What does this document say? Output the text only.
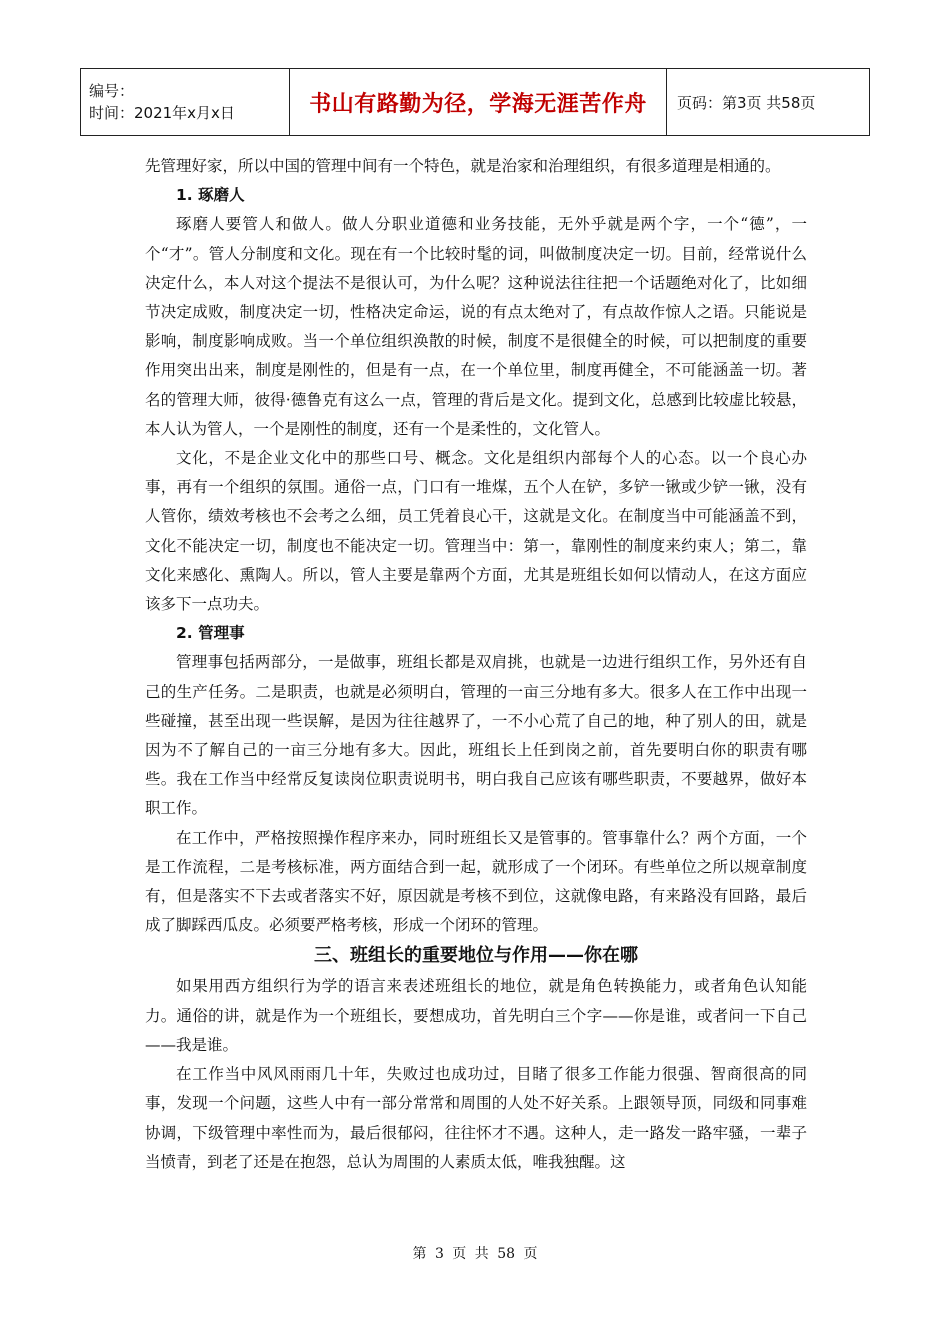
编号：
时间：2021年x月x日	书山有路勤为径，学海无涯苦作舟	页码：第3页 共58页

先管理好家，所以中国的管理中间有一个特色，就是治家和治理组织，有很多道理是相通的。

1. 琢磨人

琢磨人要管人和做人。做人分职业道德和业务技能，无外乎就是两个字，一个“德”，一个“才”。管人分制度和文化。现在有一个比较时髦的词，叫做制度决定一切。目前，经常说什么决定什么，本人对这个提法不是很认可，为什么呢？这种说法往往把一个话题绝对化了，比如细节决定成败，制度决定一切，性格决定命运，说的有点太绝对了，有点故作惊人之语。只能说是影响，制度影响成败。当一个单位组织涣散的时候，制度不是很健全的时候，可以把制度的重要作用突出出来，制度是刚性的，但是有一点，在一个单位里，制度再健全，不可能涵盖一切。著名的管理大师，彼得·德鲁克有这么一点，管理的背后是文化。提到文化，总感到比较虚比较悬，本人认为管人，一个是刚性的制度，还有一个是柔性的，文化管人。

文化，不是企业文化中的那些口号、概念。文化是组织内部每个人的心态。以一个良心办事，再有一个组织的氛围。通俗一点，门口有一堆煤，五个人在铲，多铲一锹或少铲一锹，没有人管你，绩效考核也不会考之么细，员工凭着良心干，这就是文化。在制度当中可能涵盖不到，文化不能决定一切，制度也不能决定一切。管理当中：第一，靠刚性的制度来约束人；第二，靠文化来感化、熏陶人。所以，管人主要是靠两个方面，尤其是班组长如何以情动人，在这方面应该多下一点功夫。

2. 管理事

管理事包括两部分，一是做事，班组长都是双肩挑，也就是一边进行组织工作，另外还有自己的生产任务。二是职责，也就是必须明白，管理的一亩三分地有多大。很多人在工作中出现一些碰撞，甚至出现一些误解，是因为往往越界了，一不小心荒了自己的地，种了别人的田，就是因为不了解自己的一亩三分地有多大。因此，班组长上任到岗之前，首先要明白你的职责有哪些。我在工作当中经常反复读岗位职责说明书，明白我自己应该有哪些职责，不要越界，做好本职工作。

在工作中，严格按照操作程序来办，同时班组长又是管事的。管事靠什么？两个方面，一个是工作流程，二是考核标准，两方面结合到一起，就形成了一个闭环。有些单位之所以规章制度有，但是落实不下去或者落实不好，原因就是考核不到位，这就像电路，有来路没有回路，最后成了脚踩西瓜皮。必须要严格考核，形成一个闭环的管理。

三、班组长的重要地位与作用——你在哪

如果用西方组织行为学的语言来表述班组长的地位，就是角色转换能力，或者角色认知能力。通俗的讲，就是作为一个班组长，要想成功，首先明白三个字——你是谁，或者问一下自己——我是谁。

在工作当中风风雨雨几十年，失败过也成功过，目睹了很多工作能力很强、智商很高的同事，发现一个问题，这些人中有一部分常常和周围的人处不好关系。上跟领导顶，同级和同事难协调，下级管理中率性而为，最后很郁闷，往往怀才不遇。这种人，走一路发一路牢骚，一辈子当愤青，到老了还是在抱怨，总认为周围的人素质太低，唯我独醒。这

第 3 页 共 58 页
